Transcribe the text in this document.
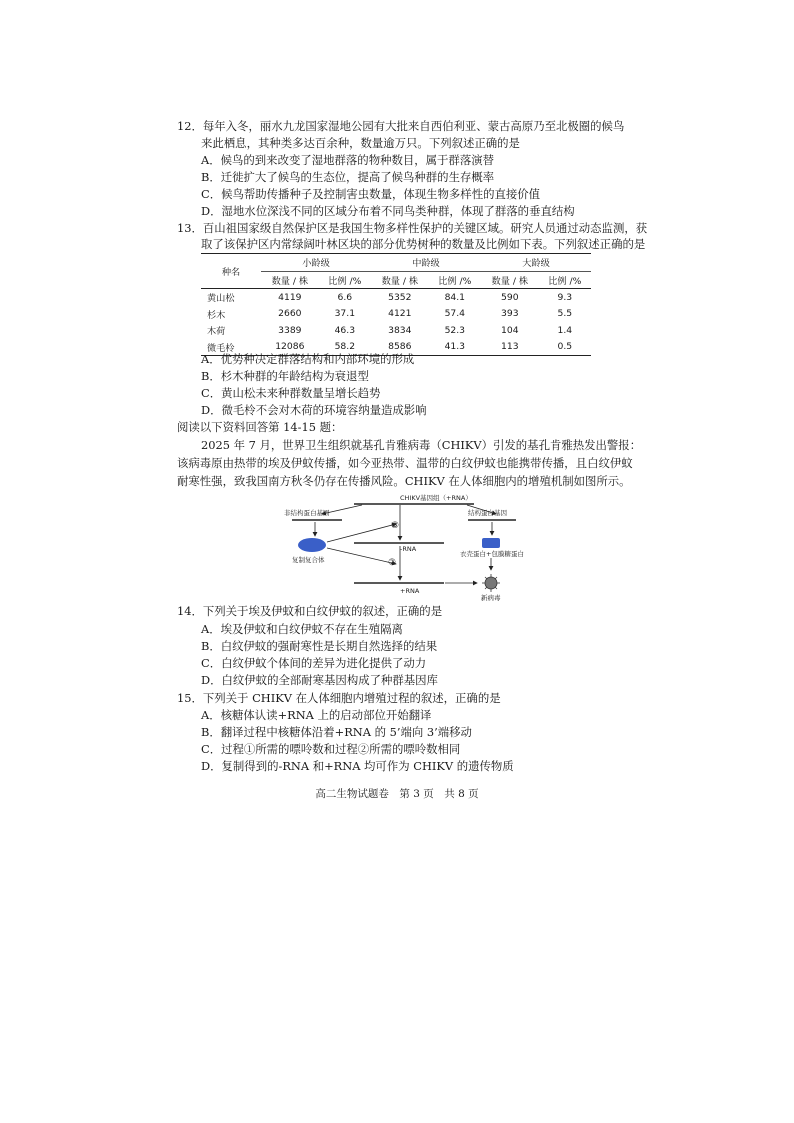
12．每年入冬，丽水九龙国家湿地公园有大批来自西伯利亚、蒙古高原乃至北极圈的候鸟
来此栖息，其种类多达百余种，数量逾万只。下列叙述正确的是
A．候鸟的到来改变了湿地群落的物种数目，属于群落演替
B．迁徙扩大了候鸟的生态位，提高了候鸟种群的生存概率
C．候鸟帮助传播种子及控制害虫数量，体现生物多样性的直接价值
D．湿地水位深浅不同的区域分布着不同鸟类种群，体现了群落的垂直结构
13．百山祖国家级自然保护区是我国生物多样性保护的关键区域。研究人员通过动态监测，获
取了该保护区内常绿阔叶林区块的部分优势树种的数量及比例如下表。下列叙述正确的是
种名	小龄级		中龄级		大龄级	
	数量 / 株	比例 /%	数量 / 株	比例 /%	数量 / 株	比例 /%
黄山松	4119	6.6	5352	84.1	590	9.3
杉木	2660	37.1	4121	57.4	393	5.5
木荷	3389	46.3	3834	52.3	104	1.4
微毛柃	12086	58.2	8586	41.3	113	0.5
A．优势种决定群落结构和内部环境的形成
B．杉木种群的年龄结构为衰退型
C．黄山松未来种群数量呈增长趋势
D．微毛柃不会对木荷的环境容纳量造成影响
阅读以下资料回答第 14-15 题：
2025 年 7 月，世界卫生组织就基孔肯雅病毒（CHIKV）引发的基孔肯雅热发出警报：
该病毒原由热带的埃及伊蚊传播，如今亚热带、温带的白纹伊蚊也能携带传播，且白纹伊蚊
耐寒性强，致我国南方秋冬仍存在传播风险。CHIKV 在人体细胞内的增殖机制如图所示。
CHIKV基因组（+RNA）
③
非结构蛋白基因
复制复合体
-RNA
②
+RNA
结构蛋白基因
衣壳蛋白+包膜糖蛋白
新病毒
14．下列关于埃及伊蚊和白纹伊蚊的叙述，正确的是
A．埃及伊蚊和白纹伊蚊不存在生殖隔离
B．白纹伊蚊的强耐寒性是长期自然选择的结果
C．白纹伊蚊个体间的差异为进化提供了动力
D．白纹伊蚊的全部耐寒基因构成了种群基因库
15．下列关于 CHIKV 在人体细胞内增殖过程的叙述，正确的是
A．核糖体认读+RNA 上的启动部位开始翻译
B．翻译过程中核糖体沿着+RNA 的 5’端向 3’端移动
C．过程①所需的嘌呤数和过程②所需的嘌呤数相同
D．复制得到的-RNA 和+RNA 均可作为 CHIKV 的遗传物质
高二生物试题卷　第 3 页　共 8 页
